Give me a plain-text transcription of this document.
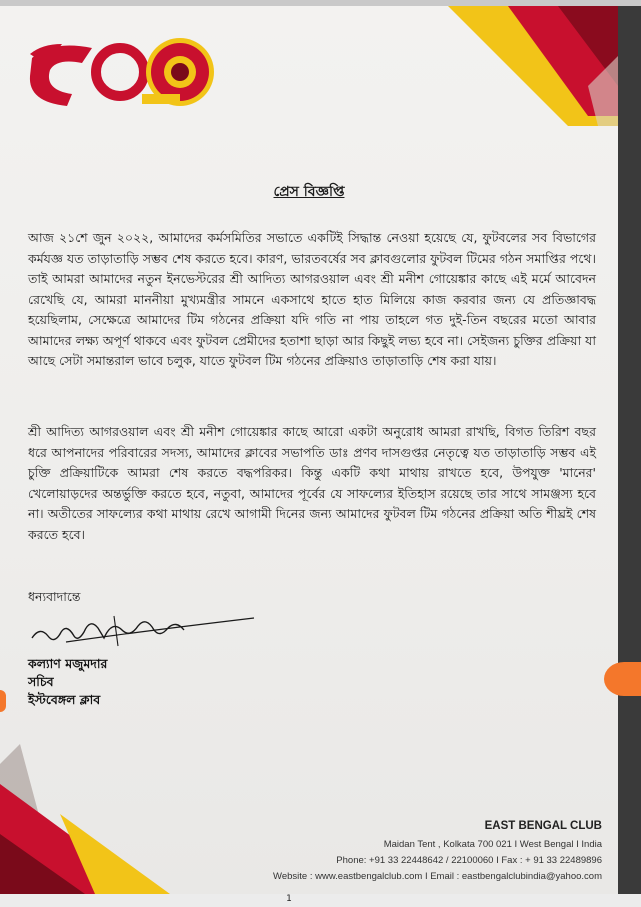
প্রেস বিজ্ঞপ্তি

আজ ২১শে জুন ২০২২, আমাদের কর্মসমিতির সভাতে একটিই সিদ্ধান্ত নেওয়া হয়েছে যে, ফুটবলের সব বিভাগের কর্মযজ্ঞ যত তাড়াতাড়ি সম্ভব শেষ করতে হবে। কারণ, ভারতবর্ষের সব ক্লাবগুলোর ফুটবল টিমের গঠন সমাপ্তির পথে। তাই আমরা আমাদের নতুন ইনভেস্টরের শ্রী আদিত্য আগরওয়াল এবং শ্রী মনীশ গোয়েঙ্কার কাছে এই মর্মে আবেদন রেখেছি যে, আমরা মাননীয়া মুখ্যমন্ত্রীর সামনে একসাথে হাতে হাত মিলিয়ে কাজ করবার জন্য যে প্রতিজ্ঞাবদ্ধ হয়েছিলাম, সেক্ষেত্রে আমাদের টিম গঠনের প্রক্রিয়া যদি গতি না পায় তাহলে গত দুই-তিন বছরের মতো আবার আমাদের লক্ষ্য অপূর্ণ থাকবে এবং ফুটবল প্রেমীদের হতাশা ছাড়া আর কিছুই লভ্য হবে না। সেইজন্য চুক্তির প্রক্রিয়া যা আছে সেটা সমান্তরাল ভাবে চলুক, যাতে ফুটবল টিম গঠনের প্রক্রিয়াও তাড়াতাড়ি শেষ করা যায়।

শ্রী আদিত্য আগরওয়াল এবং শ্রী মনীশ গোয়েঙ্কার কাছে আরো একটা অনুরোধ আমরা রাখছি, বিগত তিরিশ বছর ধরে আপনাদের পরিবারের সদস্য, আমাদের ক্লাবের সভাপতি ডাঃ প্রণব দাসগুপ্তর নেতৃত্বে যত তাড়াতাড়ি সম্ভব এই চুক্তি প্রক্রিয়াটিকে আমরা শেষ করতে বদ্ধপরিকর। কিন্তু একটি কথা মাথায় রাখতে হবে, উপযুক্ত 'মানের' খেলোয়াড়দের অন্তর্ভুক্তি করতে হবে, নতুবা, আমাদের পূর্বের যে সাফল্যের ইতিহাস রয়েছে তার সাথে সামঞ্জস্য হবে না। অতীতের সাফল্যের কথা মাথায় রেখে আগামী দিনের জন্য আমাদের ফুটবল টিম গঠনের প্রক্রিয়া অতি শীঘ্রই শেষ করতে হবে।

ধন্যবাদান্তে
কল্যাণ মজুমদার
সচিব
ইস্টবেঙ্গল ক্লাব
EAST BENGAL CLUB
Maidan Tent , Kolkata 700 021 I West Bengal I India
Phone: +91 33 22448642 / 22100060 I Fax : + 91 33 22489896
Website : www.eastbengalclub.com I Email : eastbengalclubindia@yahoo.com
1
